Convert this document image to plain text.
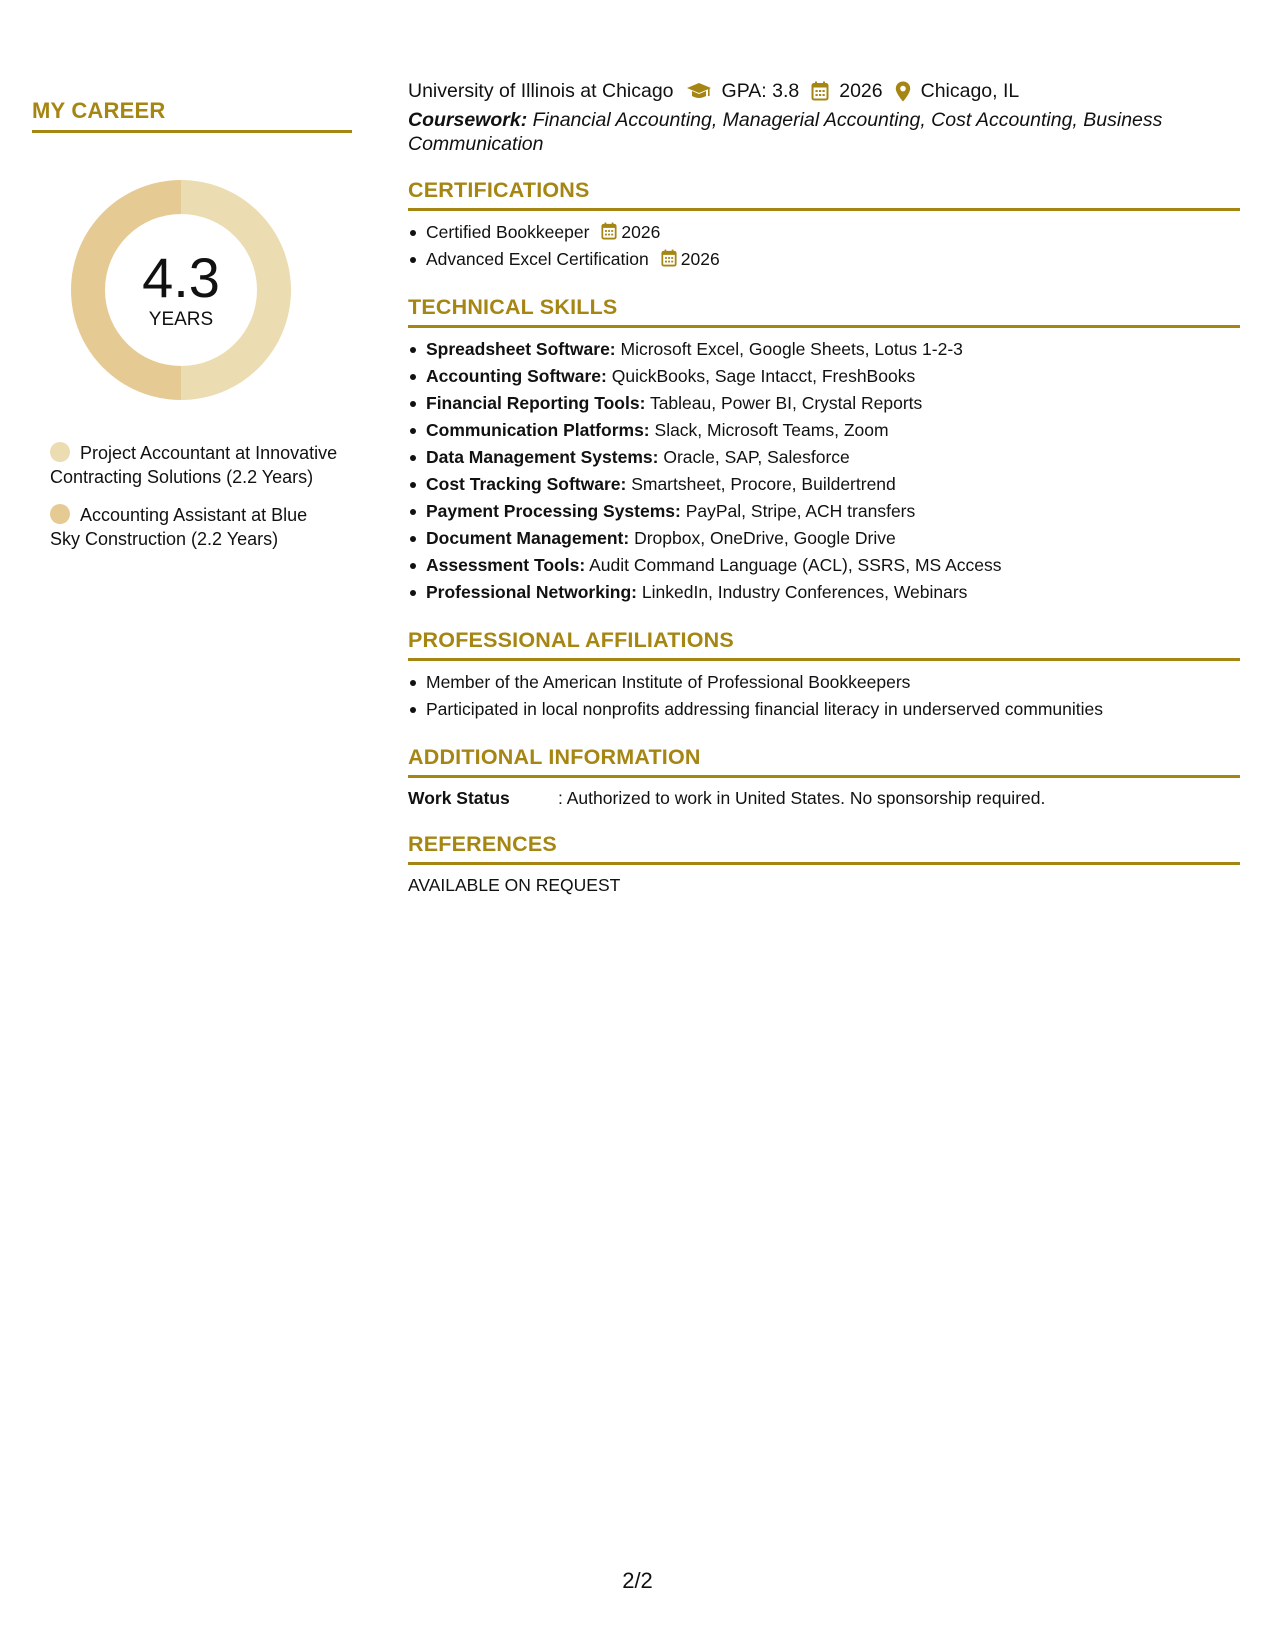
MY CAREER
4.3
YEARS
Project Accountant at Innovative Contracting Solutions (2.2 Years)
Accounting Assistant at Blue Sky Construction (2.2 Years)
University of Illinois at Chicago GPA: 3.8 2026 Chicago, IL
Coursework: Financial Accounting, Managerial Accounting, Cost Accounting, Business Communication
CERTIFICATIONS
Certified Bookkeeper 2026
Advanced Excel Certification 2026
TECHNICAL SKILLS
Spreadsheet Software: Microsoft Excel, Google Sheets, Lotus 1-2-3
Accounting Software: QuickBooks, Sage Intacct, FreshBooks
Financial Reporting Tools: Tableau, Power BI, Crystal Reports
Communication Platforms: Slack, Microsoft Teams, Zoom
Data Management Systems: Oracle, SAP, Salesforce
Cost Tracking Software: Smartsheet, Procore, Buildertrend
Payment Processing Systems: PayPal, Stripe, ACH transfers
Document Management: Dropbox, OneDrive, Google Drive
Assessment Tools: Audit Command Language (ACL), SSRS, MS Access
Professional Networking: LinkedIn, Industry Conferences, Webinars
PROFESSIONAL AFFILIATIONS
Member of the American Institute of Professional Bookkeepers
Participated in local nonprofits addressing financial literacy in underserved communities
ADDITIONAL INFORMATION
Work Status	: Authorized to work in United States. No sponsorship required.
REFERENCES
AVAILABLE ON REQUEST
2/2
